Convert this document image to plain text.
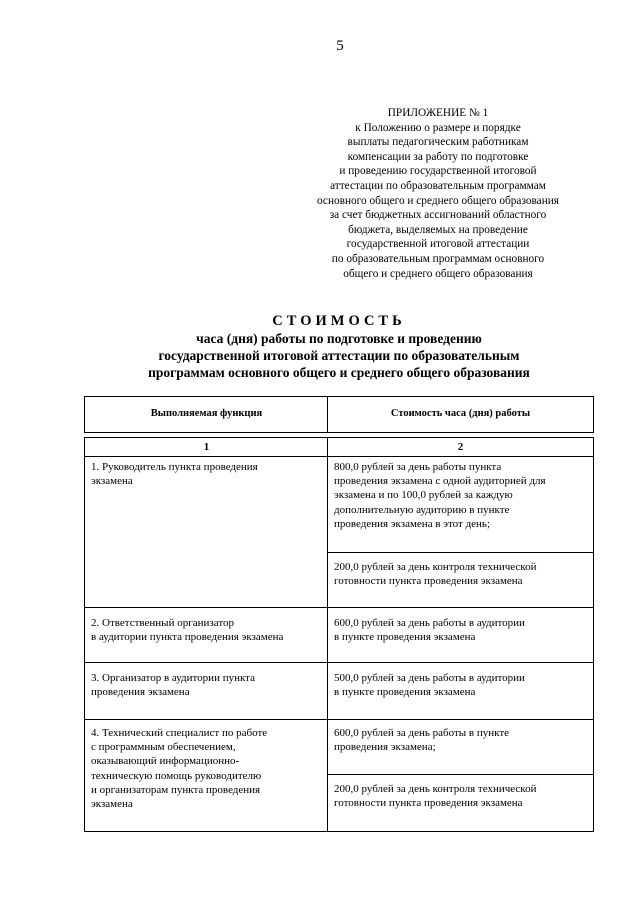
5
ПРИЛОЖЕНИЕ № 1
к Положению о размере и порядке
выплаты педагогическим работникам
компенсации за работу по подготовке
и проведению государственной итоговой
аттестации по образовательным программам
основного общего и среднего общего образования
за счет бюджетных ассигнований областного
бюджета, выделяемых на проведение
государственной итоговой аттестации
по образовательным программам основного
общего и среднего общего образования
СТОИМОСТЬ
часа (дня) работы по подготовке и проведению
государственной итоговой аттестации по образовательным
программам основного общего и среднего общего образования
Выполняемая функция	Стоимость часа (дня) работы
1	2
1. Руководитель пункта проведения
экзамена
800,0 рублей за день работы пункта
проведения экзамена с одной аудиторией для
экзамена и по 100,0 рублей за каждую
дополнительную аудиторию в пункте
проведения экзамена в этот день;
200,0 рублей за день контроля технической
готовности пункта проведения экзамена
2. Ответственный организатор
в аудитории пункта проведения экзамена
600,0 рублей за день работы в аудитории
в пункте проведения экзамена
3. Организатор в аудитории пункта
проведения экзамена
500,0 рублей за день работы в аудитории
в пункте проведения экзамена
4. Технический специалист по работе
с программным обеспечением,
оказывающий информационно-
техническую помощь руководителю
и организаторам пункта проведения
экзамена
600,0 рублей за день работы в пункте
проведения экзамена;
200,0 рублей за день контроля технической
готовности пункта проведения экзамена
